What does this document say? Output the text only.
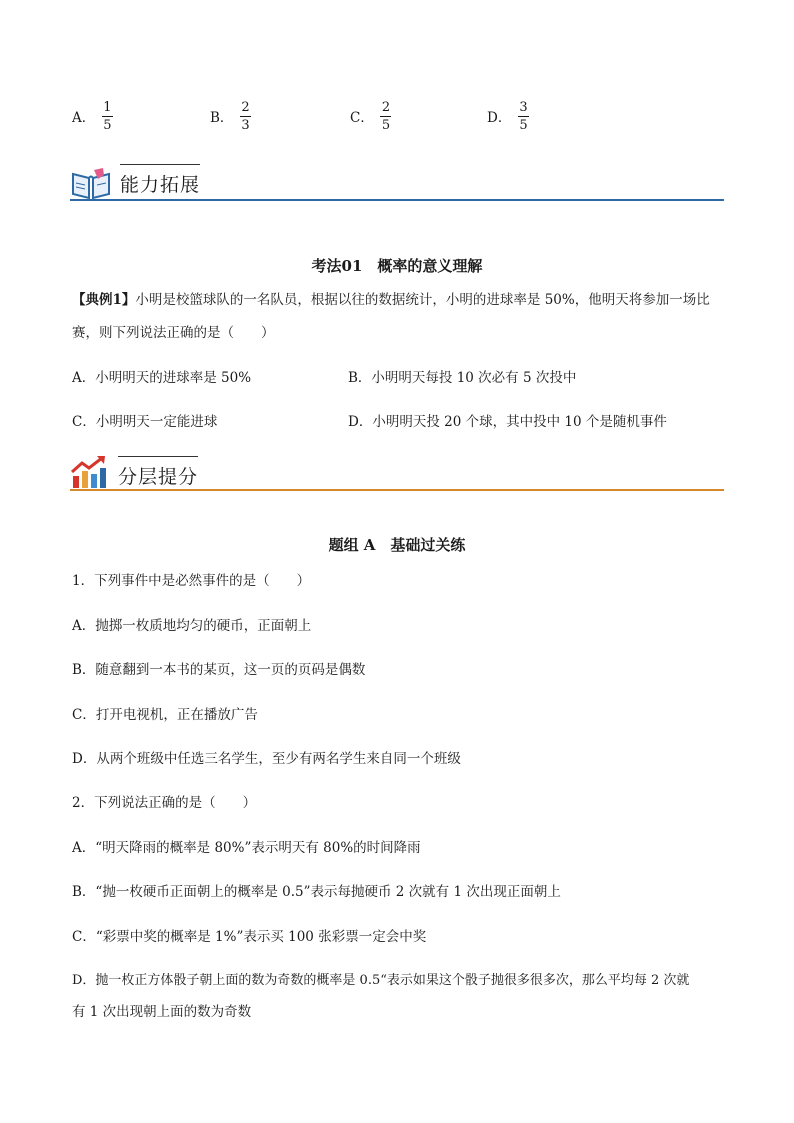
A． $\frac{1}{5}$	B． $\frac{2}{3}$	C． $\frac{2}{5}$	D． $\frac{3}{5}$
能力拓展
考法01　概率的意义理解
【典例1】小明是校篮球队的一名队员，根据以往的数据统计，小明的进球率是 50%，他明天将参加一场比
赛，则下列说法正确的是（　　）
A．小明明天的进球率是 50%	B．小明明天每投 10 次必有 5 次投中
C．小明明天一定能进球	D．小明明天投 20 个球，其中投中 10 个是随机事件
分层提分
题组 A　基础过关练
1．下列事件中是必然事件的是（　　）
A．抛掷一枚质地均匀的硬币，正面朝上
B．随意翻到一本书的某页，这一页的页码是偶数
C．打开电视机，正在播放广告
D．从两个班级中任选三名学生，至少有两名学生来自同一个班级
2．下列说法正确的是（　　）
A．“明天降雨的概率是 80%”表示明天有 80%的时间降雨
B．“抛一枚硬币正面朝上的概率是 0.5”表示每抛硬币 2 次就有 1 次出现正面朝上
C．“彩票中奖的概率是 1%”表示买 100 张彩票一定会中奖
D．抛一枚正方体骰子朝上面的数为奇数的概率是 0.5“表示如果这个骰子抛很多很多次，那么平均每 2 次就
有 1 次出现朝上面的数为奇数
